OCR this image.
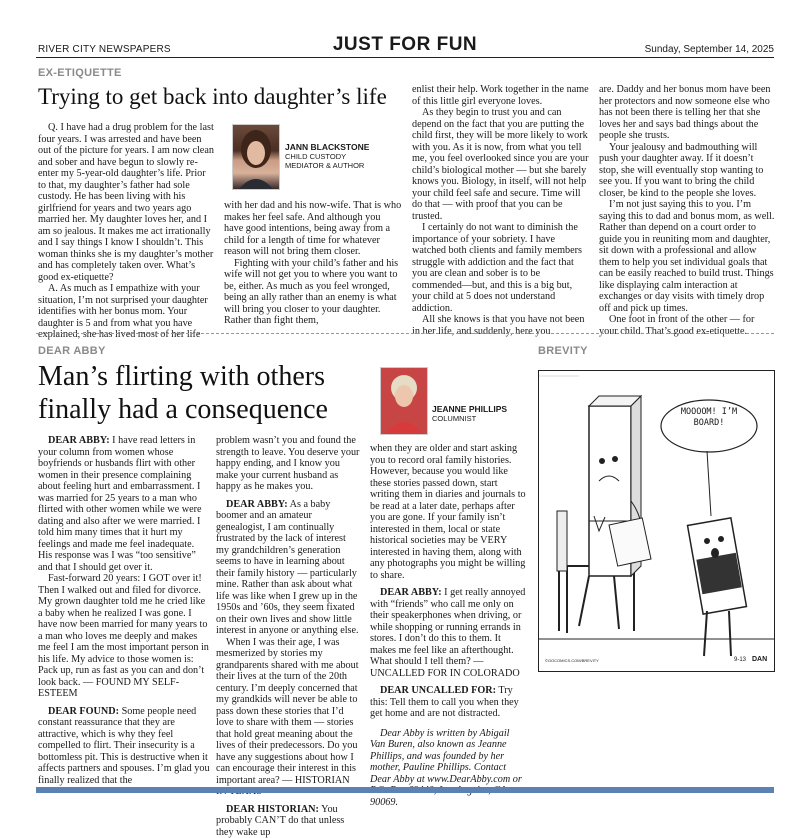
RIVER CITY NEWSPAPERS	JUST FOR FUN	Sunday, September 14, 2025
EX-ETIQUETTE
Trying to get back into daughter’s life

Q. I have had a drug problem for the last four years. I was arrested and have been out of the picture for years. I am now clean and sober and have begun to slowly re-enter my 5-year-old daughter’s life. Prior to that, my daughter’s father had sole custody. He has been living with his girlfriend for years and two years ago married her. My daughter loves her, and I am so jealous. It makes me act irrationally and I say things I know I shouldn’t. This woman thinks she is my daughter’s mother and has completely taken over. What’s good ex-etiquette?

A. As much as I empathize with your situation, I’m not surprised your daughter identifies with her bonus mom. Your daughter is 5 and from what you have explained, she has lived most of her life

JANN BLACKSTONE
CHILD CUSTODY
MEDIATOR & AUTHOR

with her dad and his now-wife. That is who makes her feel safe. And although you have good intentions, being away from a child for a length of time for whatever reason will not bring them closer.

Fighting with your child’s father and his wife will not get you to where you want to be, either. As much as you feel wronged, being an ally rather than an enemy is what will bring you closer to your daughter. Rather than fight them,

enlist their help. Work together in the name of this little girl everyone loves.

As they begin to trust you and can depend on the fact that you are putting the child first, they will be more likely to work with you. As it is now, from what you tell me, you feel overlooked since you are your child’s biological mother — but she barely knows you. Biology, in itself, will not help your child feel safe and secure. Time will do that — with proof that you can be trusted.

I certainly do not want to diminish the importance of your sobriety. I have watched both clients and family members struggle with addiction and the fact that you are clean and sober is to be commended—but, and this is a big but, your child at 5 does not understand addiction.

All she knows is that you have not been in her life, and suddenly, here you

are. Daddy and her bonus mom have been her protectors and now someone else who has not been there is telling her that she loves her and says bad things about the people she trusts.

Your jealousy and badmouthing will push your daughter away. If it doesn’t stop, she will eventually stop wanting to see you. If you want to bring the child closer, be kind to the people she loves.

I’m not just saying this to you. I’m saying this to dad and bonus mom, as well. Rather than depend on a court order to guide you in reuniting mom and daughter, sit down with a professional and allow them to help you set individual goals that can be easily reached to build trust. Things like displaying calm interaction at exchanges or day visits with timely drop off and pick up times.

One foot in front of the other — for your child. That’s good ex-etiquette.

DEAR ABBY
Man’s flirting with others
finally had a consequence	JEANNE PHILLIPS
COLUMNIST

DEAR ABBY: I have read letters in your column from women whose boyfriends or husbands flirt with other women in their presence complaining about feeling hurt and embarrassment. I was married for 25 years to a man who flirted with other women while we were dating and also after we were married. I told him many times that it hurt my feelings and made me feel inadequate. His response was I was “too sensitive” and that I should get over it.

Fast-forward 20 years: I GOT over it! Then I walked out and filed for divorce. My grown daughter told me he cried like a baby when he realized I was gone. I have now been married for many years to a man who loves me deeply and makes me feel I am the most important person in his life. My advice to those women is: Pack up, run as fast as you can and don’t look back. — FOUND MY SELF-ESTEEM

DEAR FOUND: Some people need constant reassurance that they are attractive, which is why they feel compelled to flirt. Their insecurity is a bottomless pit. This is destructive when it affects partners and spouses. I’m glad you finally realized that the

problem wasn’t you and found the strength to leave. You deserve your happy ending, and I know you make your current husband as happy as he makes you.

DEAR ABBY: As a baby boomer and an amateur genealogist, I am continually frustrated by the lack of interest my grandchildren’s generation seems to have in learning about their family history — particularly mine. Rather than ask about what life was like when I grew up in the 1950s and ’60s, they seem fixated on their own lives and show little interest in anyone or anything else.

When I was their age, I was mesmerized by stories my grandparents shared with me about their lives at the turn of the 20th century. I’m deeply concerned that my grandkids will never be able to pass down these stories that I’d love to share with them — stories that hold great meaning about the lives of their predecessors. Do you have any suggestions about how I can encourage their interest in this important area? — HISTORIAN

DEAR HISTORIAN: You probably CAN’T do that unless they wake up

when they are older and start asking you to record oral family histories. However, because you would like these stories passed down, start writing them in diaries and journals to be read at a later date, perhaps after you are gone. If your family isn’t interested in them, local or state historical societies may be VERY interested in having them, along with any photographs you might be willing to share.

DEAR ABBY: I get really annoyed with “friends” who call me only on their speakerphones when driving, or while shopping or running errands in stores. I don’t do this to them. It makes me feel like an afterthought. What should I tell them? — UNCALLED FOR IN COLORADO

DEAR UNCALLED FOR: Try this: Tell them to call you when they get home and are not distracted.

Dear Abby is written by Abigail Van Buren, also known as Jeanne Phillips, and was founded by her mother, Pauline Phillips. Contact Dear Abby at www.DearAbby.com or 90069.

BREVITY
MOOOOM! I’M BOARD!
9-13 DAN
©GOCOMICS.COM/BREVITY
